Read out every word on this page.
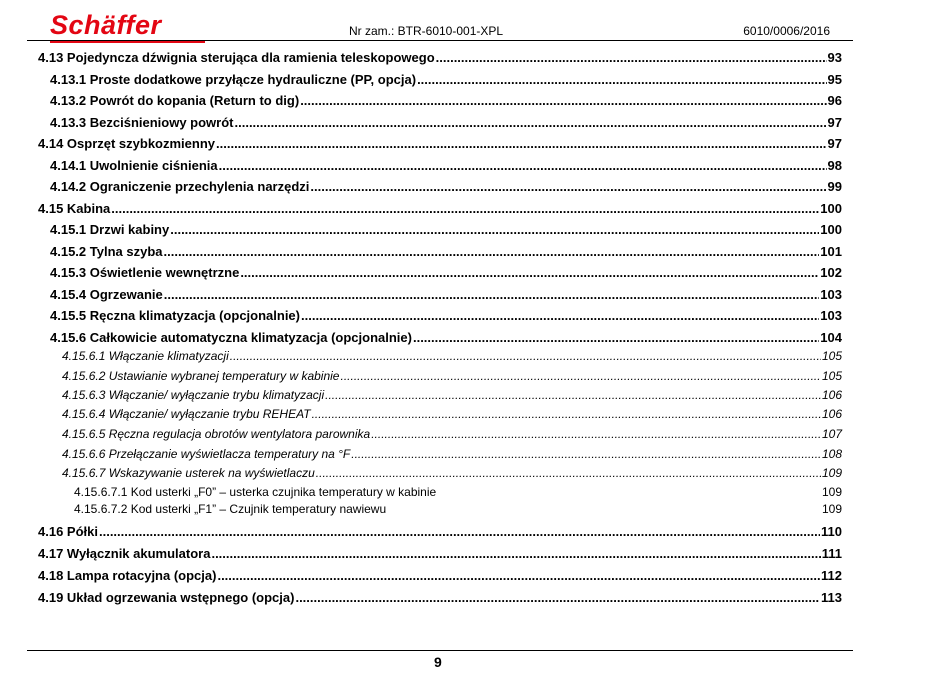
Schäffer	Nr zam.: BTR-6010-001-XPL	6010/0006/2016
4.13 Pojedyncza dźwignia sterująca dla ramienia teleskopowego .....	93
4.13.1 Proste dodatkowe przyłącze hydrauliczne (PP, opcja) .....	95
4.13.2 Powrót do kopania (Return to dig) .....	96
4.13.3 Bezciśnieniowy powrót .....	97
4.14 Osprzęt szybkozmienny .....	97
4.14.1 Uwolnienie ciśnienia .....	98
4.14.2 Ograniczenie przechylenia narzędzi .....	99
4.15 Kabina .....	100
4.15.1 Drzwi kabiny .....	100
4.15.2 Tylna szyba .....	101
4.15.3 Oświetlenie wewnętrzne .....	102
4.15.4 Ogrzewanie .....	103
4.15.5 Ręczna klimatyzacja (opcjonalnie) .....	103
4.15.6 Całkowicie automatyczna klimatyzacja (opcjonalnie) .....	104
4.15.6.1 Włączanie klimatyzacji .....	105
4.15.6.2 Ustawianie wybranej temperatury w kabinie .....	105
4.15.6.3 Włączanie/ wyłączanie trybu klimatyzacji .....	106
4.15.6.4 Włączanie/ wyłączanie trybu REHEAT .....	106
4.15.6.5 Ręczna regulacja obrotów wentylatora parownika .....	107
4.15.6.6 Przełączanie wyświetlacza temperatury na °F .....	108
4.15.6.7 Wskazywanie usterek na wyświetlaczu .....	109
4.15.6.7.1 Kod usterki „F0” – usterka czujnika temperatury w kabinie	109
4.15.6.7.2 Kod usterki „F1” – Czujnik temperatury nawiewu	109
4.16 Półki .....	110
4.17 Wyłącznik akumulatora .....	111
4.18 Lampa rotacyjna (opcja) .....	112
4.19 Układ ogrzewania wstępnego (opcja) .....	113
9
